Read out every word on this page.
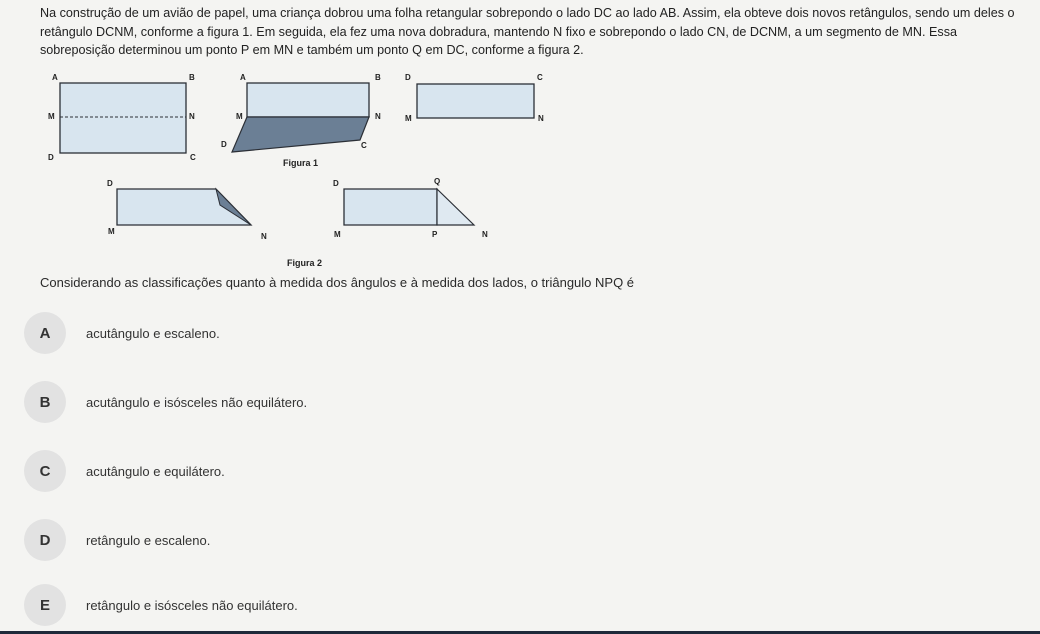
Na construção de um avião de papel, uma criança dobrou uma folha retangular sobrepondo o lado DC ao lado AB. Assim, ela obteve dois novos retângulos, sendo um deles o retângulo DCNM, conforme a figura 1. Em seguida, ela fez uma nova dobradura, mantendo N fixo e sobrepondo o lado CN, de DCNM, a um segmento de MN. Essa sobreposição determinou um ponto P em MN e também um ponto Q em DC, conforme a figura 2.
A	B
M	N
D	C
A	B
M	N
D	C
Figura 1
D	C
M	N
D
M
N
D	Q
M	P	N
Figura 2
Considerando as classificações quanto à medida dos ângulos e à medida dos lados, o triângulo NPQ é
A	acutângulo e escaleno.
B	acutângulo e isósceles não equilátero.
C	acutângulo e equilátero.
D	retângulo e escaleno.
E	retângulo e isósceles não equilátero.
